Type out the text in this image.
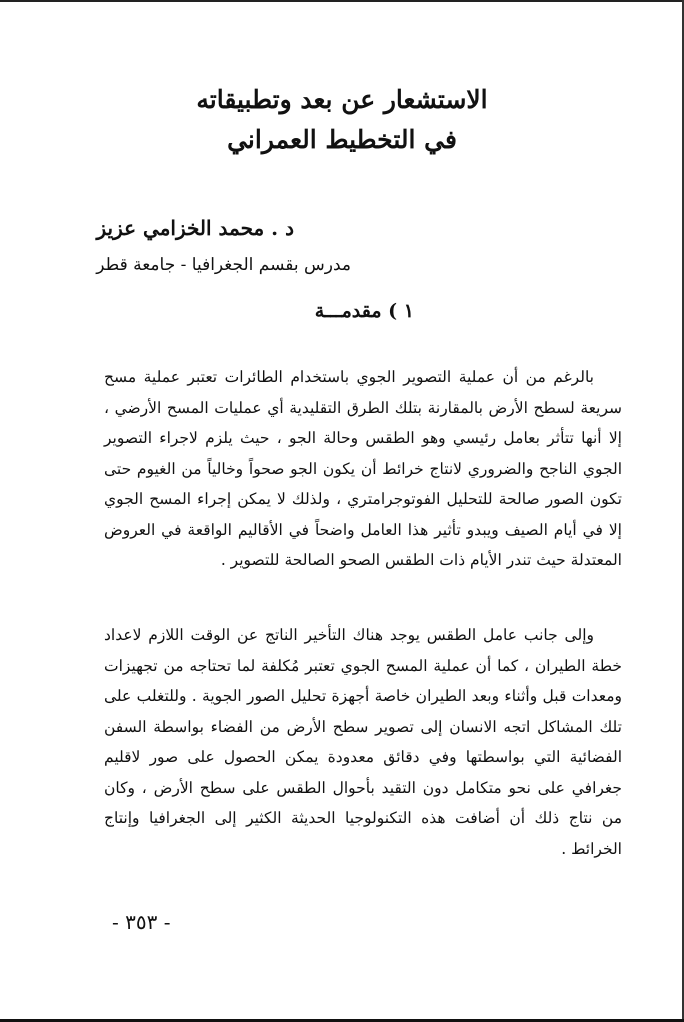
الاستشعار عن بعد وتطبيقاته
في التخطيط العمراني
د . محمد الخزامي عزيز
مدرس بقسم الجغرافيا - جامعة قطر
١ ) مقدمـــة

بالرغم من أن عملية التصوير الجوي باستخدام الطائرات تعتبر عملية مسح سريعة لسطح الأرض بالمقارنة بتلك الطرق التقليدية أي عمليات المسح الأرضي ، إلا أنها تتأثر بعامل رئيسي وهو الطقس وحالة الجو ، حيث يلزم لاجراء التصوير الجوي الناجح والضروري لانتاج خرائط أن يكون الجو صحواً وخالياً من الغيوم حتى تكون الصور صالحة للتحليل الفوتوجرامتري ، ولذلك لا يمكن إجراء المسح الجوي إلا في أيام الصيف ويبدو تأثير هذا العامل واضحاً في الأقاليم الواقعة في العروض المعتدلة حيث تندر الأيام ذات الطقس الصحو الصالحة للتصوير .

وإلى جانب عامل الطقس يوجد هناك التأخير الناتج عن الوقت اللازم لاعداد خطة الطيران ، كما أن عملية المسح الجوي تعتبر مُكلفة لما تحتاجه من تجهيزات ومعدات قبل وأثناء وبعد الطيران خاصة أجهزة تحليل الصور الجوية . وللتغلب على تلك المشاكل اتجه الانسان إلى تصوير سطح الأرض من الفضاء بواسطة السفن الفضائية التي بواسطتها وفي دقائق معدودة يمكن الحصول على صور لاقليم جغرافي على نحو متكامل دون التقيد بأحوال الطقس على سطح الأرض ، وكان من نتاج ذلك أن أضافت هذه التكنولوجيا الحديثة الكثير إلى الجغرافيا وإنتاج الخرائط .

- ٣٥٣ -
